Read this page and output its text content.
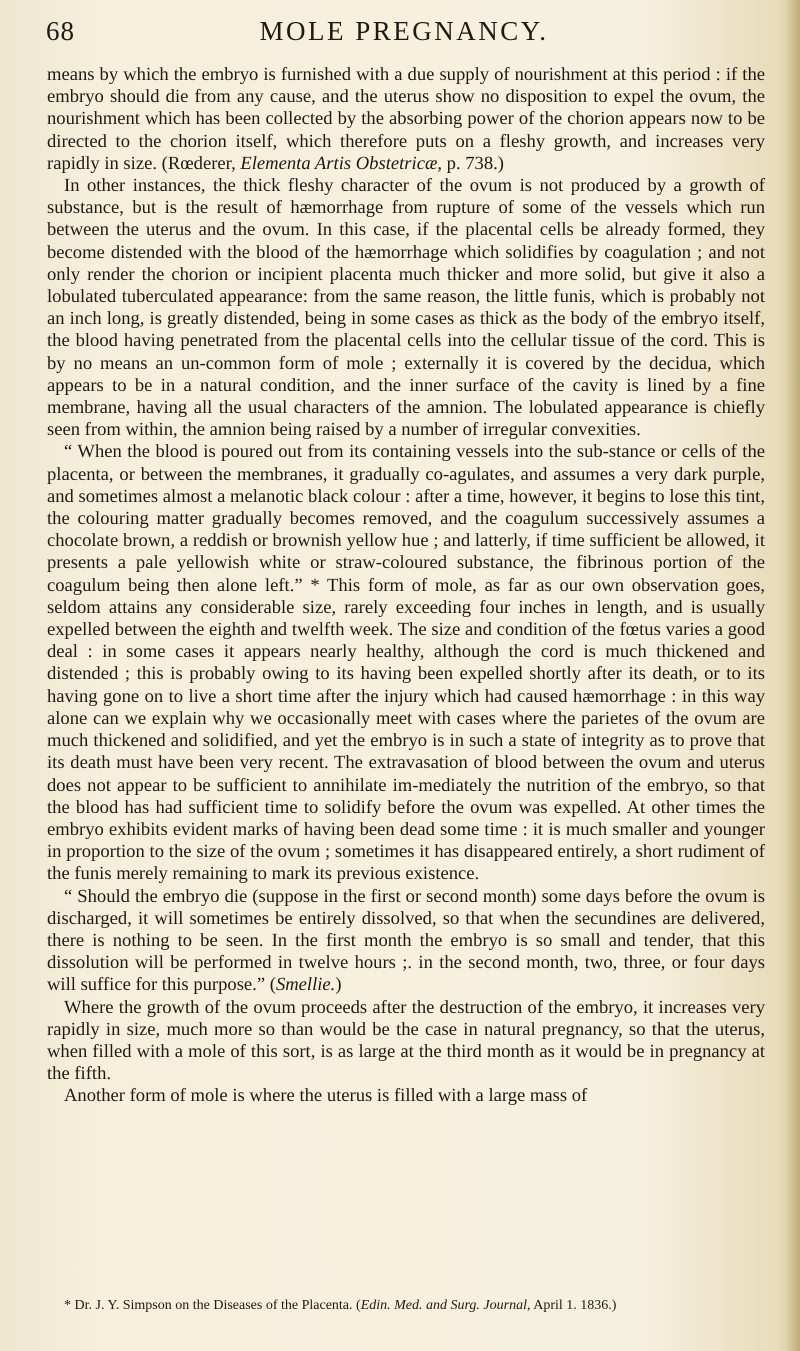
68	MOLE PREGNANCY.

means by which the embryo is furnished with a due supply of nourishment at this period : if the embryo should die from any cause, and the uterus show no disposition to expel the ovum, the nourishment which has been collected by the absorbing power of the chorion appears now to be directed to the chorion itself, which therefore puts on a fleshy growth, and increases very rapidly in size. (Rœderer, Elementa Artis Obstetricæ, p. 738.)

In other instances, the thick fleshy character of the ovum is not produced by a growth of substance, but is the result of hæmorrhage from rupture of some of the vessels which run between the uterus and the ovum. In this case, if the placental cells be already formed, they become distended with the blood of the hæmorrhage which solidifies by coagulation ; and not only render the chorion or incipient placenta much thicker and more solid, but give it also a lobulated tuberculated appearance: from the same reason, the little funis, which is probably not an inch long, is greatly distended, being in some cases as thick as the body of the embryo itself, the blood having penetrated from the placental cells into the cellular tissue of the cord. This is by no means an un-common form of mole ; externally it is covered by the decidua, which appears to be in a natural condition, and the inner surface of the cavity is lined by a fine membrane, having all the usual characters of the amnion. The lobulated appearance is chiefly seen from within, the amnion being raised by a number of irregular convexities.

“ When the blood is poured out from its containing vessels into the sub-stance or cells of the placenta, or between the membranes, it gradually co-agulates, and assumes a very dark purple, and sometimes almost a melanotic black colour : after a time, however, it begins to lose this tint, the colouring matter gradually becomes removed, and the coagulum successively assumes a chocolate brown, a reddish or brownish yellow hue ; and latterly, if time sufficient be allowed, it presents a pale yellowish white or straw-coloured substance, the fibrinous portion of the coagulum being then alone left.” * This form of mole, as far as our own observation goes, seldom attains any considerable size, rarely exceeding four inches in length, and is usually expelled between the eighth and twelfth week. The size and condition of the fœtus varies a good deal : in some cases it appears nearly healthy, although the cord is much thickened and distended ; this is probably owing to its having been expelled shortly after its death, or to its having gone on to live a short time after the injury which had caused hæmorrhage : in this way alone can we explain why we occasionally meet with cases where the parietes of the ovum are much thickened and solidified, and yet the embryo is in such a state of integrity as to prove that its death must have been very recent. The extravasation of blood between the ovum and uterus does not appear to be sufficient to annihilate im-mediately the nutrition of the embryo, so that the blood has had sufficient time to solidify before the ovum was expelled. At other times the embryo exhibits evident marks of having been dead some time : it is much smaller and younger in proportion to the size of the ovum ; sometimes it has disappeared entirely, a short rudiment of the funis merely remaining to mark its previous existence.

“ Should the embryo die (suppose in the first or second month) some days before the ovum is discharged, it will sometimes be entirely dissolved, so that when the secundines are delivered, there is nothing to be seen. In the first month the embryo is so small and tender, that this dissolution will be performed in twelve hours ;. in the second month, two, three, or four days will suffice for this purpose.” (Smellie.)

Where the growth of the ovum proceeds after the destruction of the embryo, it increases very rapidly in size, much more so than would be the case in natural pregnancy, so that the uterus, when filled with a mole of this sort, is as large at the third month as it would be in pregnancy at the fifth.

Another form of mole is where the uterus is filled with a large mass of

* Dr. J. Y. Simpson on the Diseases of the Placenta. (Edin. Med. and Surg. Journal, April 1. 1836.)
